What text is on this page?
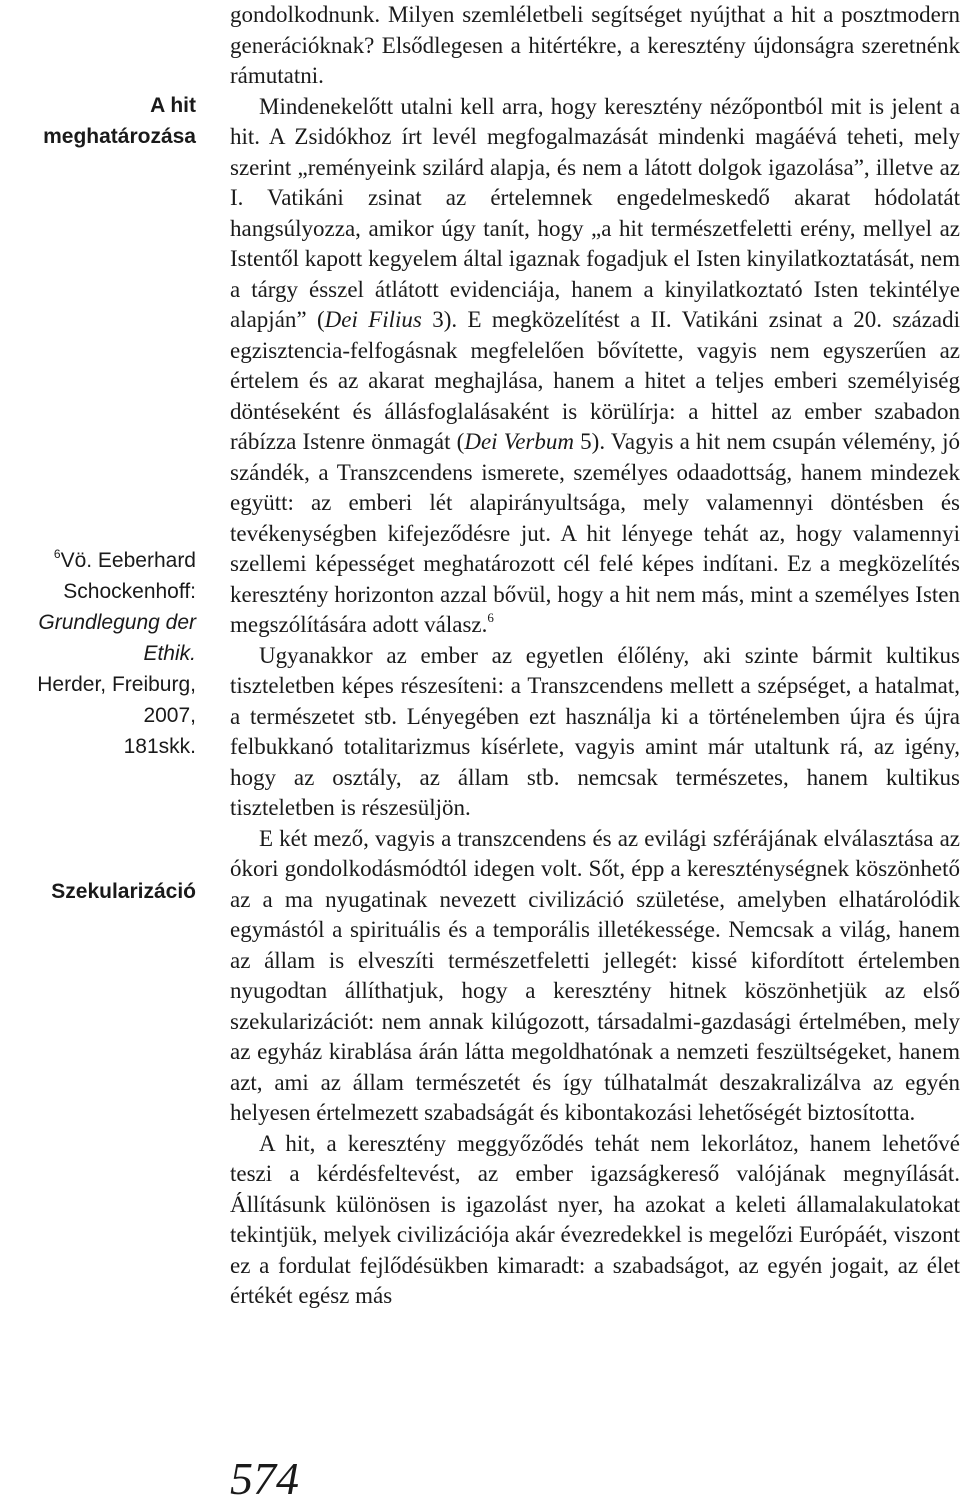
A hit meghatározása
$^6$Vö. Eeberhard
Schockenhoff:
Grundlegung der Ethik.
Herder, Freiburg, 2007,
181skk.
Szekularizáció

gondolkodnunk. Milyen szemléletbeli segítséget nyújthat a hit a posztmodern generációknak? Elsődlegesen a hitértékre, a keresztény újdonságra szeretnénk rámutatni.

Mindenekelőtt utalni kell arra, hogy keresztény nézőpontból mit is jelent a hit. A Zsidókhoz írt levél megfogalmazását mindenki magáévá teheti, mely szerint „reményeink szilárd alapja, és nem a látott dolgok igazolása”, illetve az I. Vatikáni zsinat az értelemnek engedelmeskedő akarat hódolatát hangsúlyozza, amikor úgy tanít, hogy „a hit természetfeletti erény, mellyel az Istentől kapott kegyelem által igaznak fogadjuk el Isten kinyilatkoztatását, nem a tárgy ésszel átlátott evidenciája, hanem a kinyilatkoztató Isten tekintélye alapján” (Dei Filius 3). E megközelítést a II. Vatikáni zsinat a 20. századi egzisztencia-felfogásnak megfelelően bővítette, vagyis nem egyszerűen az értelem és az akarat meghajlása, hanem a hitet a teljes emberi személyiség döntéseként és állásfoglalásaként is körülírja: a hittel az ember szabadon rábízza Istenre önmagát (Dei Verbum 5). Vagyis a hit nem csupán vélemény, jó szándék, a Transzcendens ismerete, személyes odaadottság, hanem mindezek együtt: az emberi lét alapirányultsága, mely valamennyi döntésben és tevékenységben kifejeződésre jut. A hit lényege tehát az, hogy valamennyi szellemi képességet meghatározott cél felé képes indítani. Ez a megközelítés keresztény horizonton azzal bővül, hogy a hit nem más, mint a személyes Isten megszólítására adott válasz.$^6$

Ugyanakkor az ember az egyetlen élőlény, aki szinte bármit kultikus tiszteletben képes részesíteni: a Transzcendens mellett a szépséget, a hatalmat, a természetet stb. Lényegében ezt használja ki a történelemben újra és újra felbukkanó totalitarizmus kísérlete, vagyis amint már utaltunk rá, az igény, hogy az osztály, az állam stb. nemcsak természetes, hanem kultikus tiszteletben is részesüljön.

E két mező, vagyis a transzcendens és az evilági szférájának elválasztása az ókori gondolkodásmódtól idegen volt. Sőt, épp a kereszténységnek köszönhető az a ma nyugatinak nevezett civilizáció születése, amelyben elhatárolódik egymástól a spirituális és a temporális illetékessége. Nemcsak a világ, hanem az állam is elveszíti természetfeletti jellegét: kissé kifordított értelemben nyugodtan állíthatjuk, hogy a keresztény hitnek köszönhetjük az első szekularizációt: nem annak kilúgozott, társadalmi-gazdasági értelmében, mely az egyház kirablása árán látta megoldhatónak a nemzeti feszültségeket, hanem azt, ami az állam természetét és így túlhatalmát deszakralizálva az egyén helyesen értelmezett szabadságát és kibontakozási lehetőségét biztosította.

A hit, a keresztény meggyőződés tehát nem lekorlátoz, hanem lehetővé teszi a kérdésfeltevést, az ember igazságkereső valójának megnyílását. Állításunk különösen is igazolást nyer, ha azokat a keleti államalakulatokat tekintjük, melyek civilizációja akár évezredekkel is megelőzi Európáét, viszont ez a fordulat fejlődésükben kimaradt: a szabadságot, az egyén jogait, az élet értékét egész más

574
